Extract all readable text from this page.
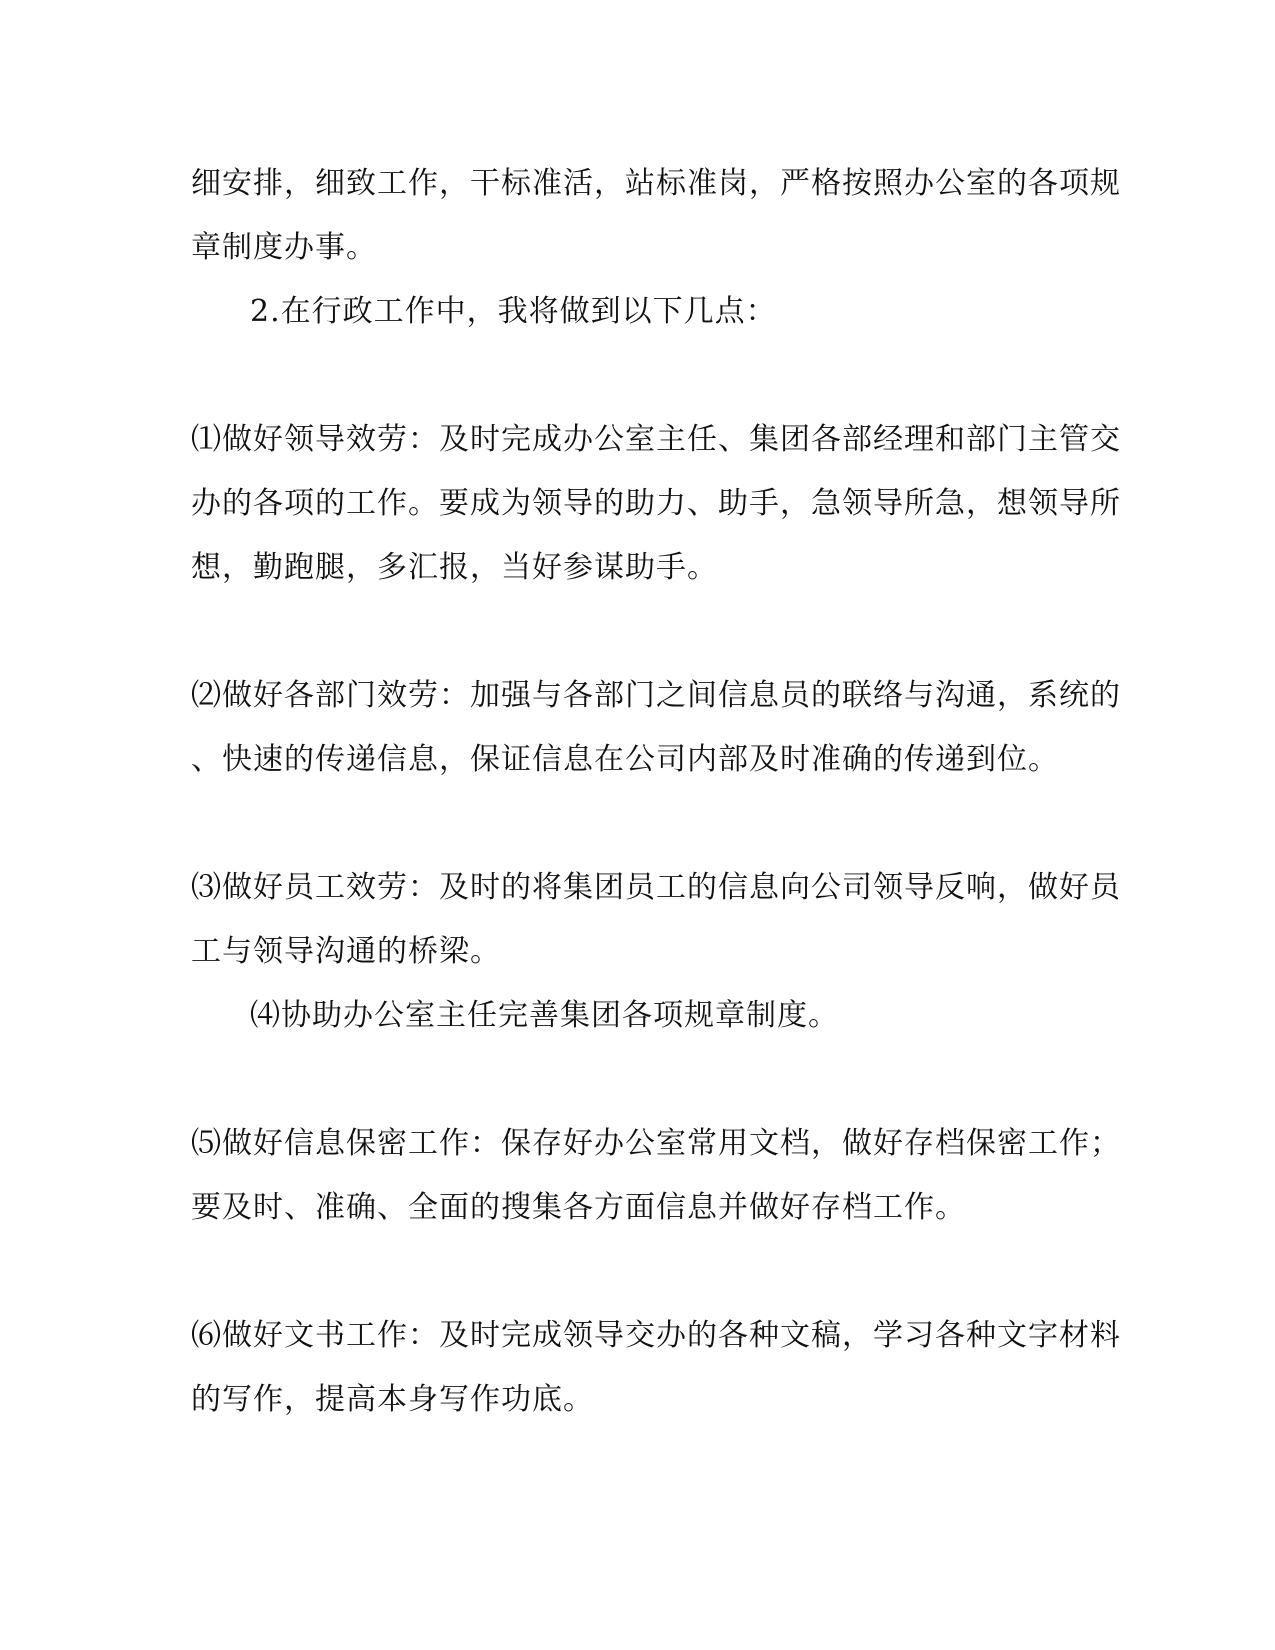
细安排，细致工作，干标准活，站标准岗，严格按照办公室的各项规
章制度办事。
2.在行政工作中，我将做到以下几点：
⑴做好领导效劳：及时完成办公室主任、集团各部经理和部门主管交
办的各项的工作。要成为领导的助力、助手，急领导所急，想领导所
想，勤跑腿，多汇报，当好参谋助手。
⑵做好各部门效劳：加强与各部门之间信息员的联络与沟通，系统的
、快速的传递信息，保证信息在公司内部及时准确的传递到位。
⑶做好员工效劳：及时的将集团员工的信息向公司领导反响，做好员
工与领导沟通的桥梁。
⑷协助办公室主任完善集团各项规章制度。
⑸做好信息保密工作：保存好办公室常用文档，做好存档保密工作；
要及时、准确、全面的搜集各方面信息并做好存档工作。
⑹做好文书工作：及时完成领导交办的各种文稿，学习各种文字材料
的写作，提高本身写作功底。
